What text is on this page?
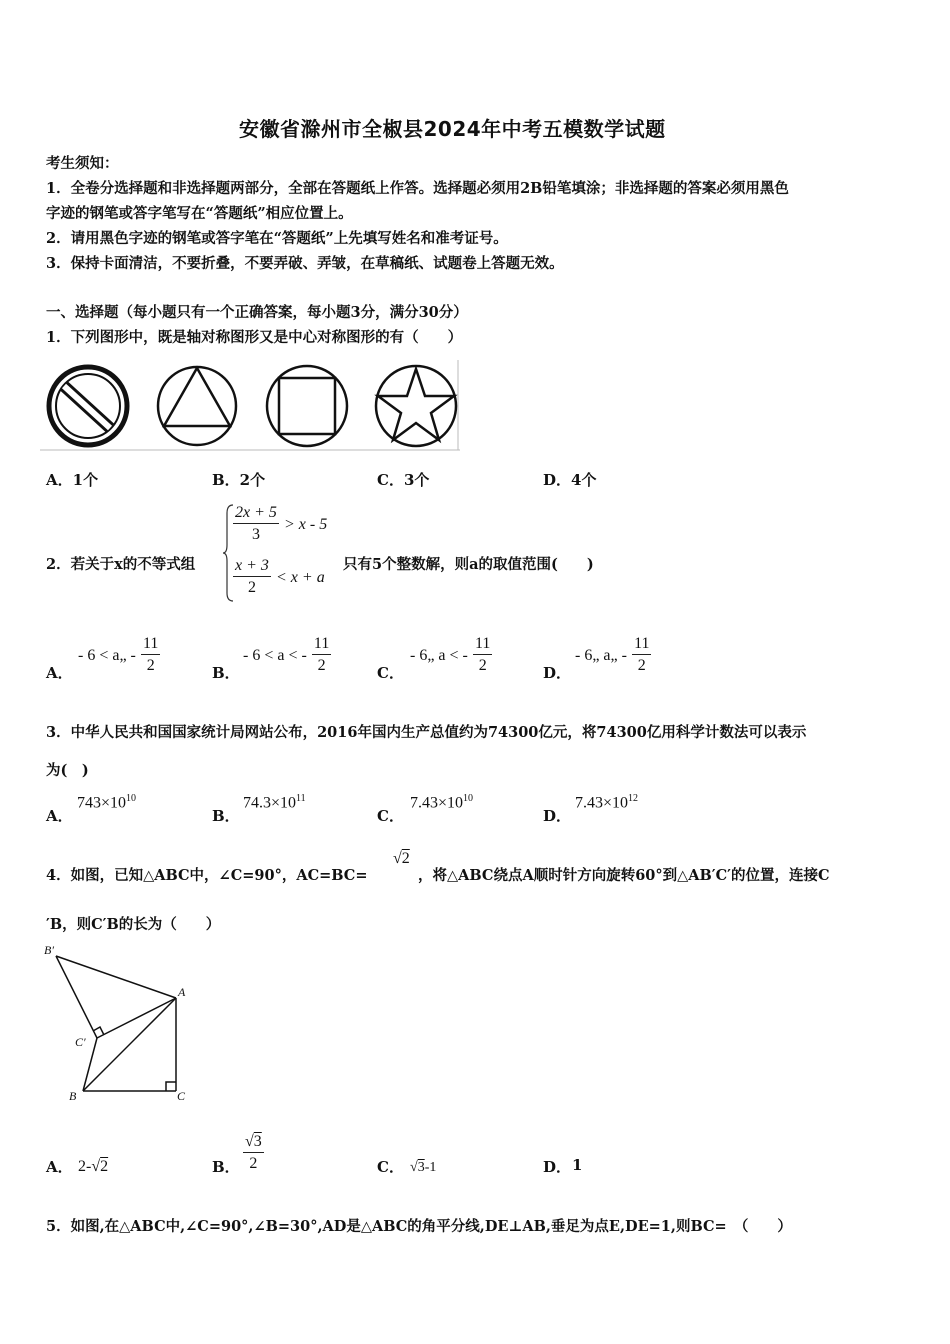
安徽省滁州市全椒县2024年中考五模数学试题
考生须知：
1．全卷分选择题和非选择题两部分，全部在答题纸上作答。选择题必须用2B铅笔填涂；非选择题的答案必须用黑色
字迹的钢笔或答字笔写在“答题纸”相应位置上。
2．请用黑色字迹的钢笔或答字笔在“答题纸”上先填写姓名和准考证号。
3．保持卡面清洁，不要折叠，不要弄破、弄皱，在草稿纸、试题卷上答题无效。
一、选择题（每小题只有一个正确答案，每小题3分，满分30分）
1．下列图形中，既是轴对称图形又是中心对称图形的有（　　）
A．1个	B．2个	C．3个	D．4个
2．若关于x的不等式组
$\frac{2x + 5}{3} > x - 5$
$\frac{x + 3}{2} < x + a$
只有5个整数解，则a的取值范围(　　)
A．
- 6 < a„ - $\frac{11}{2}$	B．
- 6 < a < - $\frac{11}{2}$	C．
- 6„ a < - $\frac{11}{2}$	D．
- 6„ a„ - $\frac{11}{2}$
3．中华人民共和国国家统计局网站公布，2016年国内生产总值约为74300亿元，将74300亿用科学计数法可以表示
为(　)
A．
$743\times 10^{10}$
B．
$74.3\times 10^{11}$
C．
$7.43\times 10^{10}$
D．
$7.43\times 10^{12}$
4．如图，已知△ABC中，∠C=90°，AC=BC=
√2
，将△ABC绕点A顺时针方向旋转60°到△AB′C′的位置，连接C
′B，则C′B的长为（　　）
B′
A
C′
B	C
A． 2-√2	B． $\frac{√3}{2}$	C． √3-1	D． 1
5．如图,在△ABC中,∠C=90°,∠B=30°,AD是△ABC的角平分线,DE⊥AB,垂足为点E,DE=1,则BC=　（　　）
